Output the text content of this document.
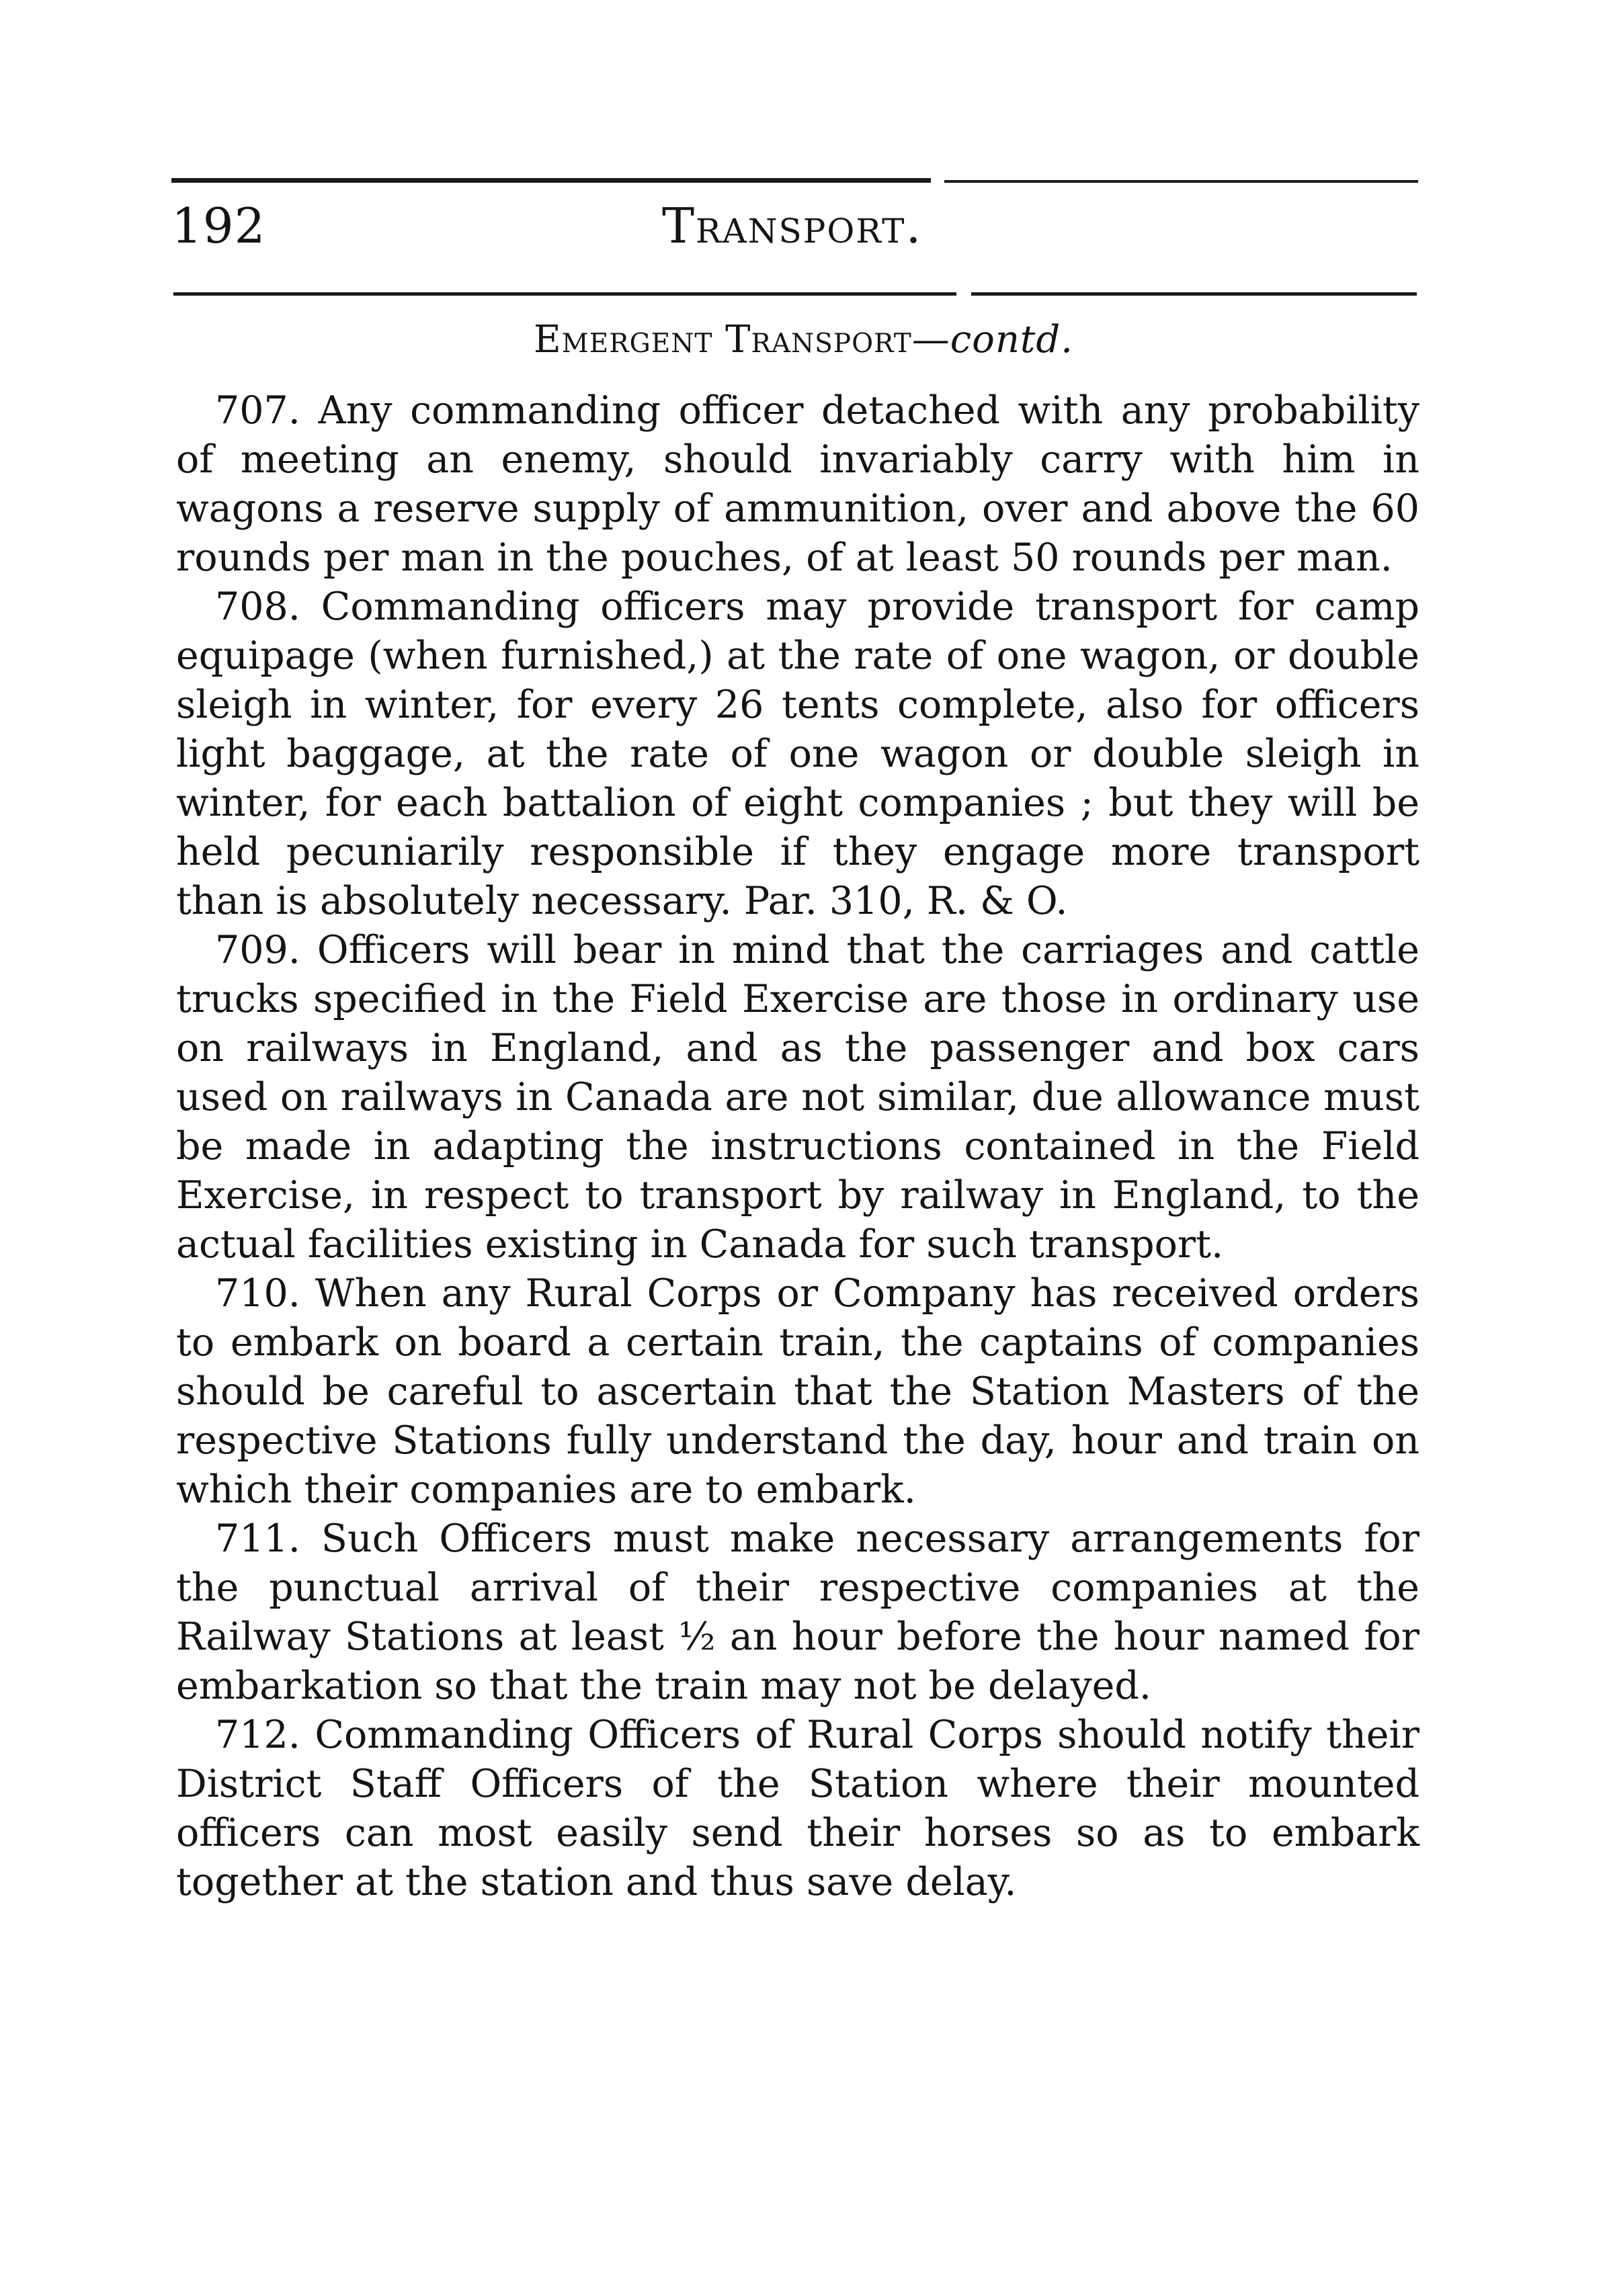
192	Transport.
Emergent Transport—contd.

707. Any commanding officer detached with any probability of meeting an enemy, should invariably carry with him in wagons a reserve supply of ammunition, over and above the 60 rounds per man in the pouches, of at least 50 rounds per man.

708. Commanding officers may provide transport for camp equipage (when furnished,) at the rate of one wagon, or double sleigh in winter, for every 26 tents complete, also for officers light baggage, at the rate of one wagon or double sleigh in winter, for each battalion of eight companies ; but they will be held pecuniarily responsible if they engage more transport than is absolutely necessary. Par. 310, R. & O.

709. Officers will bear in mind that the carriages and cattle trucks specified in the Field Exercise are those in ordinary use on railways in England, and as the passenger and box cars used on railways in Canada are not similar, due allowance must be made in adapting the instructions contained in the Field Exercise, in respect to transport by railway in England, to the actual facilities existing in Canada for such transport.

710. When any Rural Corps or Company has received orders to embark on board a certain train, the captains of companies should be careful to ascertain that the Station Masters of the respective Stations fully understand the day, hour and train on which their companies are to embark.

711. Such Officers must make necessary arrangements for the punctual arrival of their respective companies at the Railway Stations at least ½ an hour before the hour named for embarkation so that the train may not be delayed.

712. Commanding Officers of Rural Corps should notify their District Staff Officers of the Station where their mounted officers can most easily send their horses so as to embark together at the station and thus save delay.
